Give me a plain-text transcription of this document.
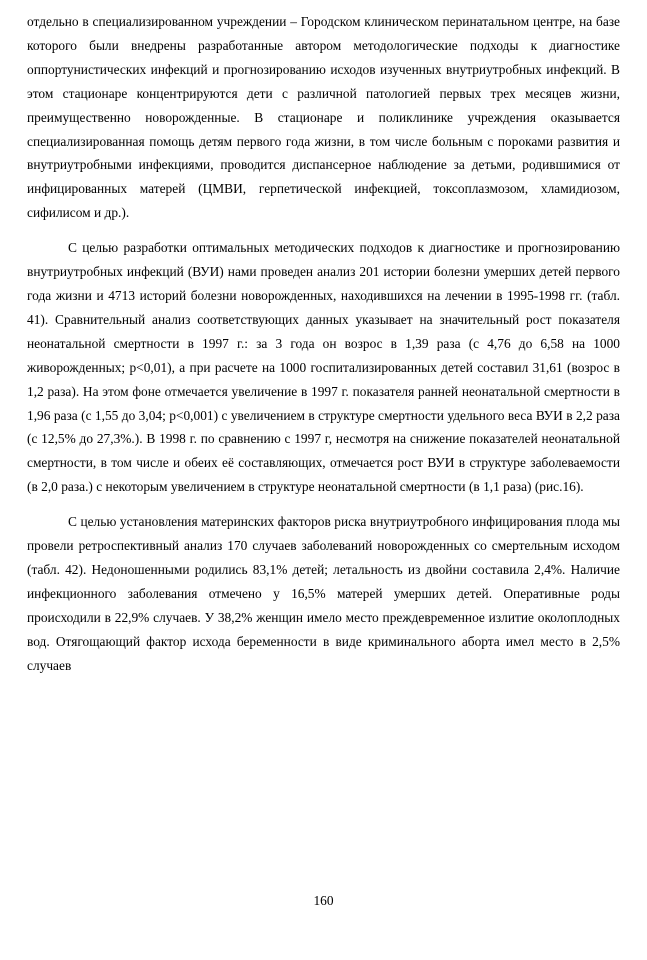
отдельно в специализированном учреждении – Городском клиническом перинатальном центре, на базе которого были внедрены разработанные автором методологические подходы к диагностике оппортунистических инфекций и прогнозированию исходов изученных внутриутробных инфекций. В этом стационаре концентрируются дети с различной патологией первых трех месяцев жизни, преимущественно новорожденные. В стационаре и поликлинике учреждения оказывается специализированная помощь детям первого года жизни, в том числе больным с пороками развития и внутриутробными инфекциями, проводится диспансерное наблюдение за детьми, родившимися от инфицированных матерей (ЦМВИ, герпетической инфекцией, токсоплазмозом, хламидиозом, сифилисом и др.).

С целью разработки оптимальных методических подходов к диагностике и прогнозированию внутриутробных инфекций (ВУИ) нами проведен анализ 201 истории болезни умерших детей первого года жизни и 4713 историй болезни новорожденных, находившихся на лечении в 1995-1998 гг. (табл. 41). Сравнительный анализ соответствующих данных указывает на значительный рост показателя неонатальной смертности в 1997 г.: за 3 года он возрос в 1,39 раза (с 4,76 до 6,58 на 1000 живорожденных; p<0,01), а при расчете на 1000 госпитализированных детей составил 31,61 (возрос в 1,2 раза). На этом фоне отмечается увеличение в 1997 г. показателя ранней неонатальной смертности в 1,96 раза (с 1,55 до 3,04; p<0,001) с увеличением в структуре смертности удельного веса ВУИ в 2,2 раза (с 12,5% до 27,3%.). В 1998 г. по сравнению с 1997 г, несмотря на снижение показателей неонатальной смертности, в том числе и обеих её составляющих, отмечается рост ВУИ в структуре заболеваемости (в 2,0 раза.) с некоторым увеличением в структуре неонатальной смертности (в 1,1 раза) (рис.16).

С целью установления материнских факторов риска внутриутробного инфицирования плода мы провели ретроспективный анализ 170 случаев заболеваний новорожденных со смертельным исходом (табл. 42). Недоношенными родились 83,1% детей; летальность из двойни составила 2,4%. Наличие инфекционного заболевания отмечено у 16,5% матерей умерших детей. Оперативные роды происходили в 22,9% случаев. У 38,2% женщин имело место преждевременное излитие околоплодных вод. Отягощающий фактор исхода беременности в виде криминального аборта имел место в 2,5% случаев

160
